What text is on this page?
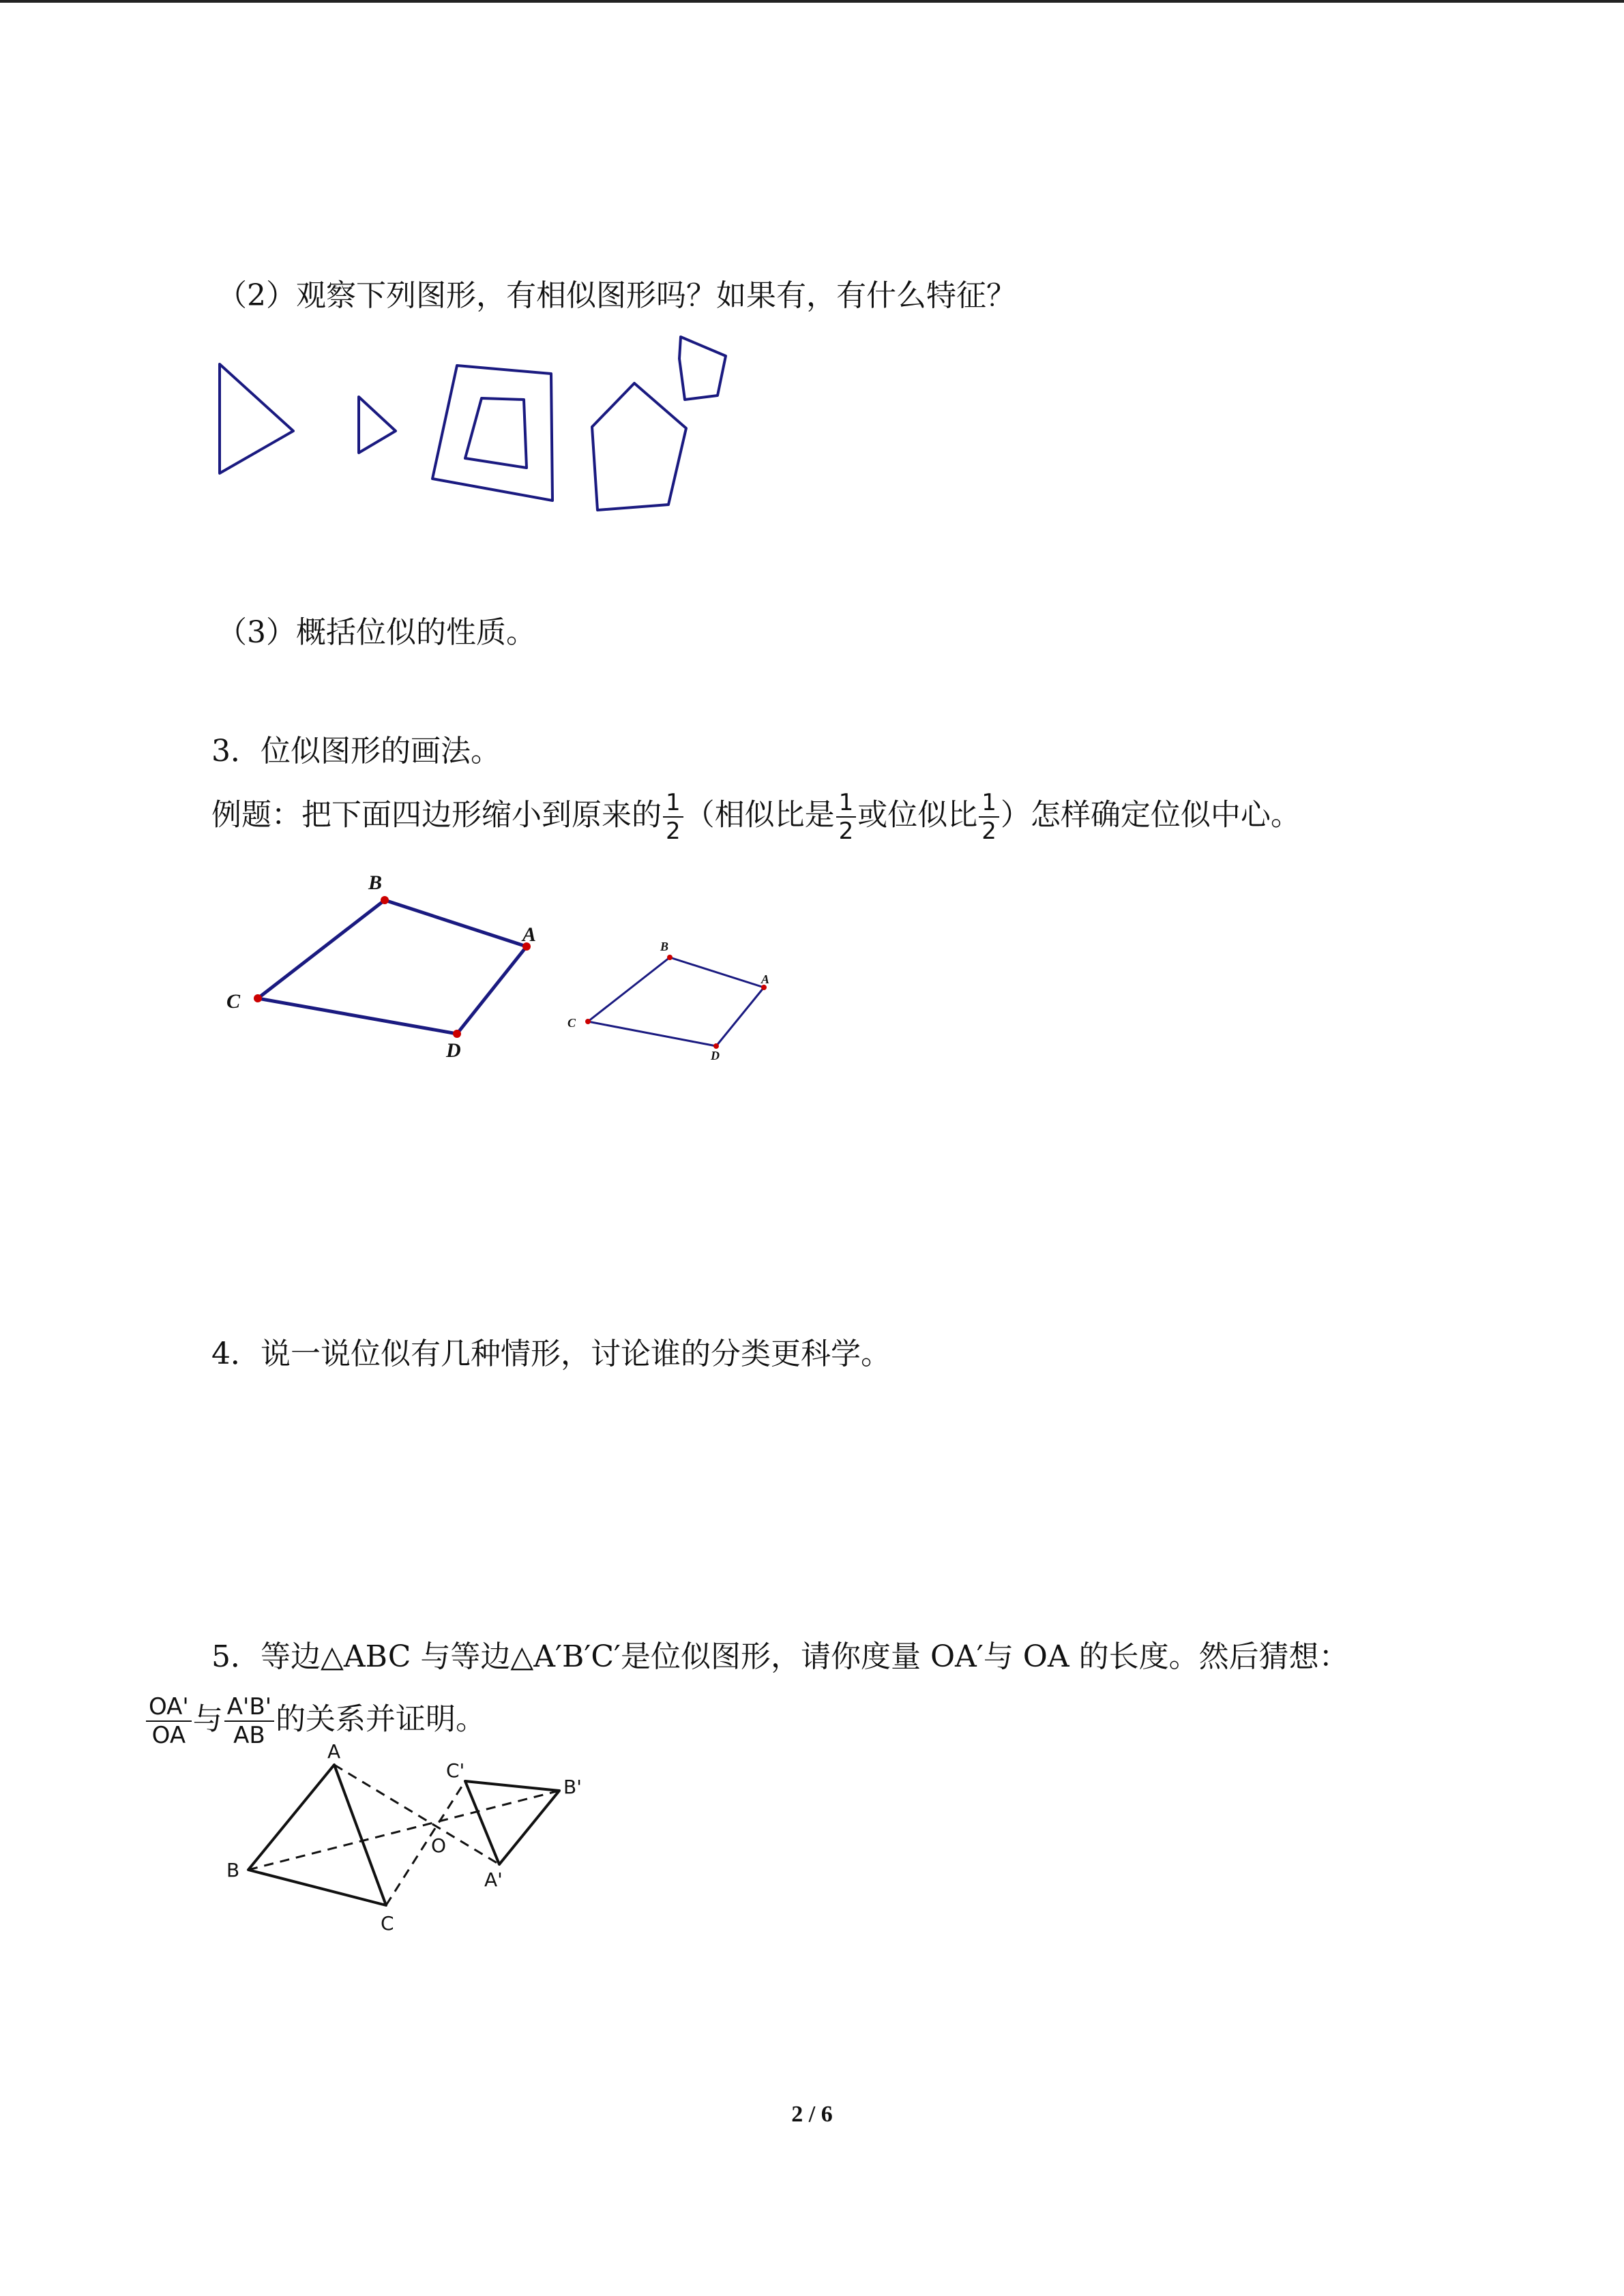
（2）观察下列图形，有相似图形吗？如果有，有什么特征？
（3）概括位似的性质。
3．位似图形的画法。
例题：把下面四边形缩小到原来的 $\frac{1}{2}$ （相似比是 $\frac{1}{2}$ 或位似比 $\frac{1}{2}$ ）怎样确定位似中心。
B
A
C
D
B
A
C
D
4．说一说位似有几种情形，讨论谁的分类更科学。
5．等边△ABC 与等边△A′B′C′是位似图形，请你度量 OA′与 OA 的长度。然后猜想：
$\frac{OA'}{OA}$ 与 $\frac{A'B'}{AB}$ 的关系并证明。
A
B
C
O
C'
B'
A'
2 / 6
